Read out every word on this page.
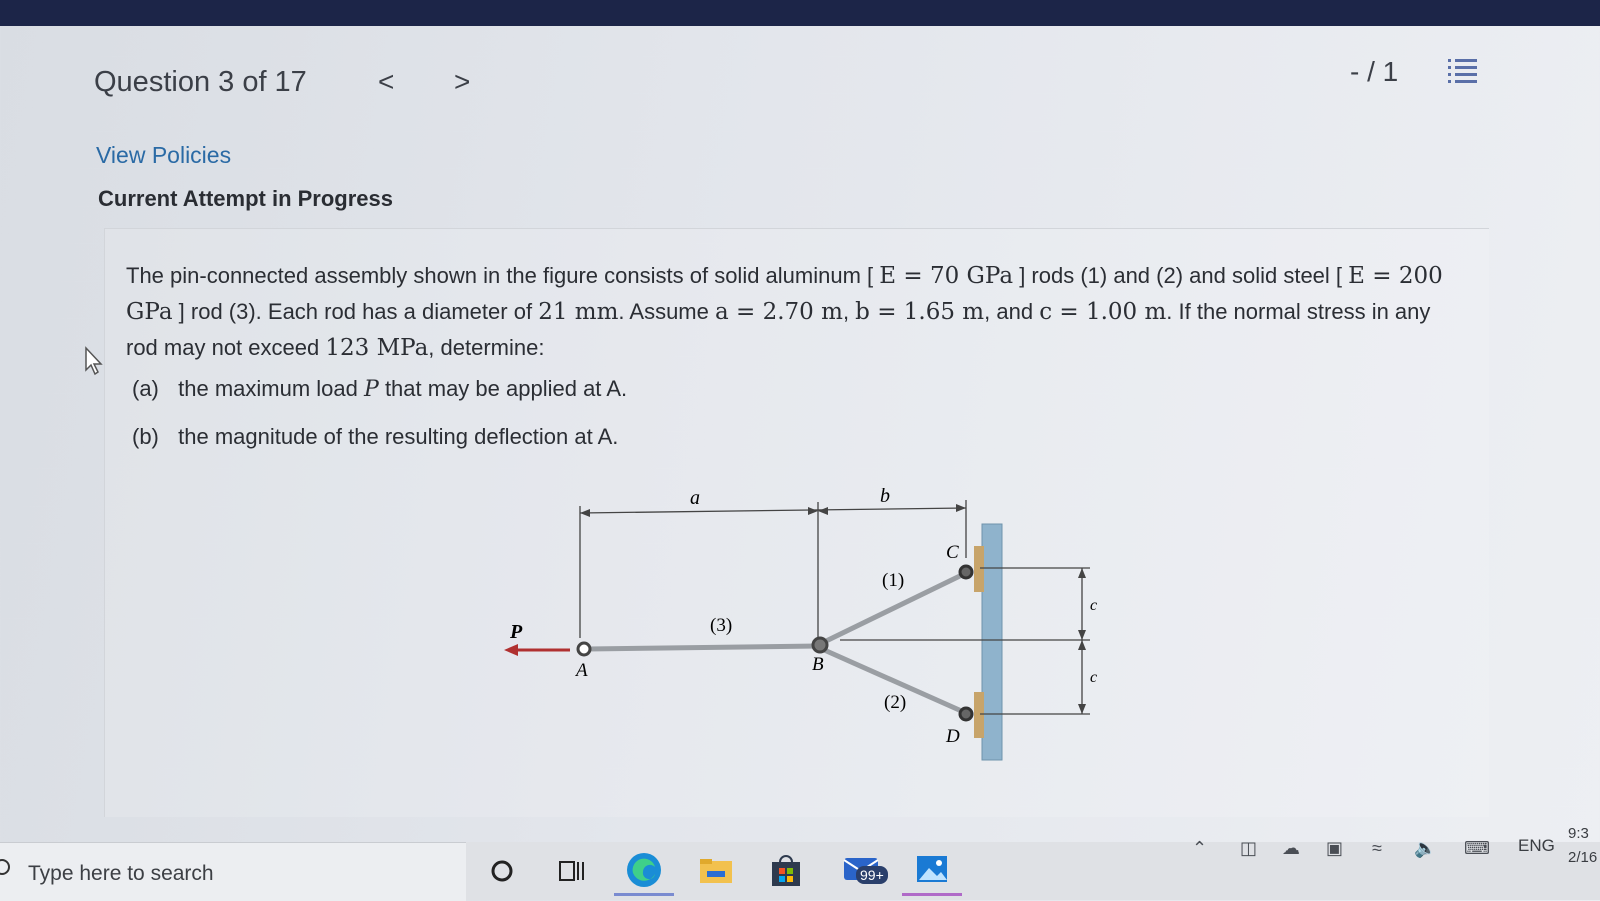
Question 3 of 17	< >	- / 1
View Policies
Current Attempt in Progress
The pin-connected assembly shown in the figure consists of solid aluminum [ E = 70 GPa ] rods (1) and (2) and solid steel [ E = 200
GPa ] rod (3). Each rod has a diameter of 21 mm. Assume a = 2.70 m, b = 1.65 m, and c = 1.00 m. If the normal stress in any
rod may not exceed 123 MPa, determine:
(a) the maximum load P that may be applied at A.
(b) the magnitude of the resulting deflection at A.
a	b
c
c
P
A	B
C
D
(3)
(1)
(2)
Type here to search	99+
⌃ ◫ ☁ ▣ ≈ 🔈 ⌨ ENG
9:3
2/16
